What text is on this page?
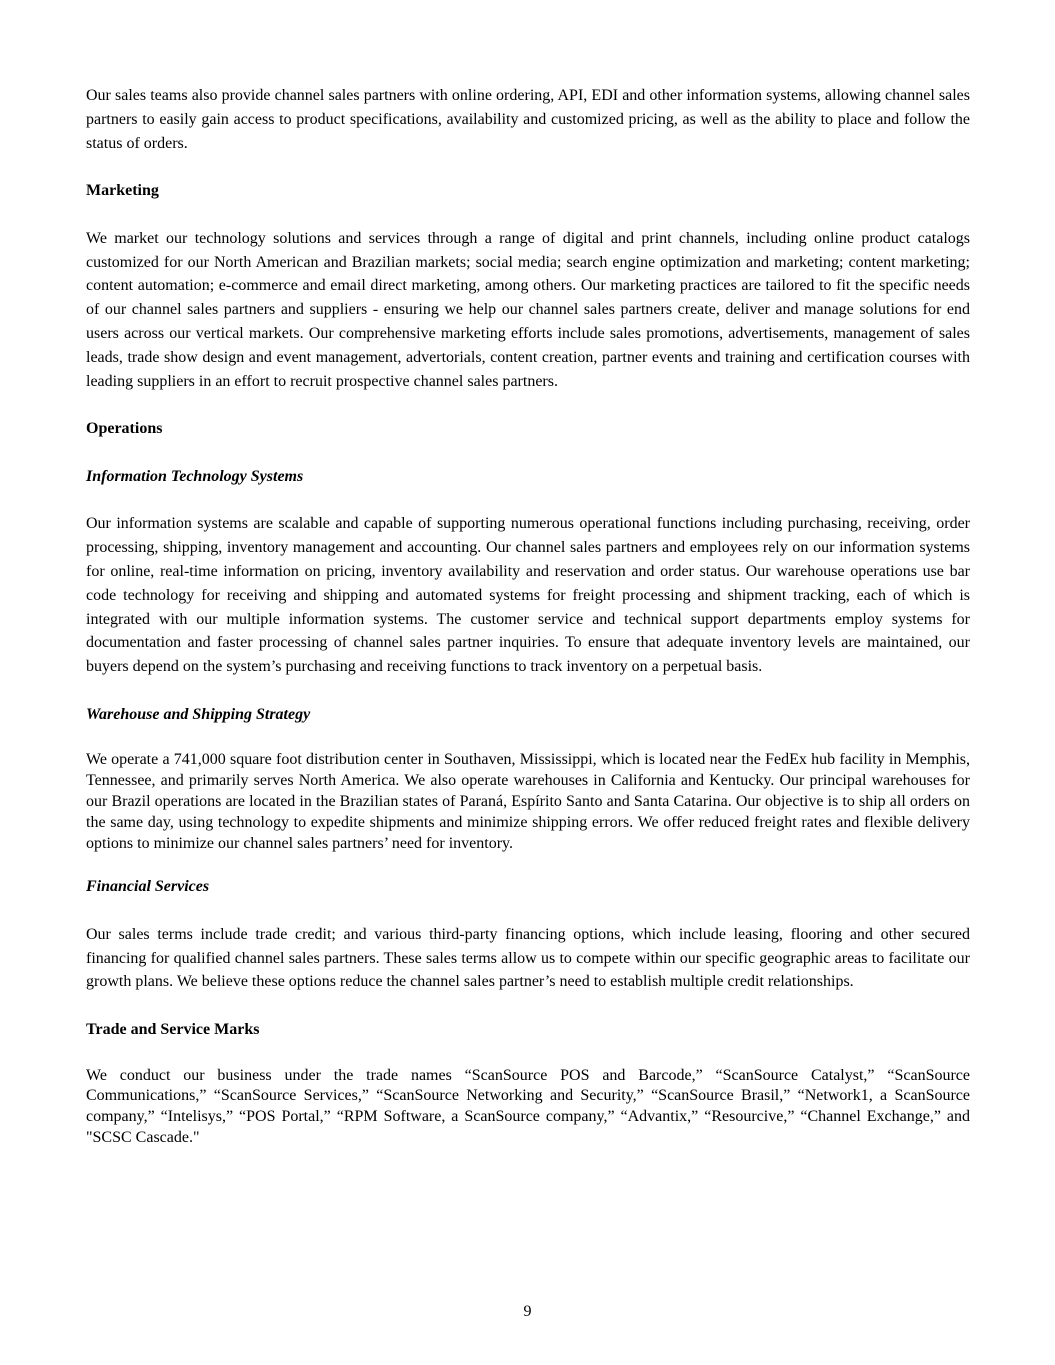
Our sales teams also provide channel sales partners with online ordering, API, EDI and other information systems, allowing channel sales partners to easily gain access to product specifications, availability and customized pricing, as well as the ability to place and follow the status of orders.

Marketing

We market our technology solutions and services through a range of digital and print channels, including online product catalogs customized for our North American and Brazilian markets; social media; search engine optimization and marketing; content marketing; content automation; e-commerce and email direct marketing, among others. Our marketing practices are tailored to fit the specific needs of our channel sales partners and suppliers - ensuring we help our channel sales partners create, deliver and manage solutions for end users across our vertical markets. Our comprehensive marketing efforts include sales promotions, advertisements, management of sales leads, trade show design and event management, advertorials, content creation, partner events and training and certification courses with leading suppliers in an effort to recruit prospective channel sales partners.

Operations
Information Technology Systems

Our information systems are scalable and capable of supporting numerous operational functions including purchasing, receiving, order processing, shipping, inventory management and accounting. Our channel sales partners and employees rely on our information systems for online, real-time information on pricing, inventory availability and reservation and order status. Our warehouse operations use bar code technology for receiving and shipping and automated systems for freight processing and shipment tracking, each of which is integrated with our multiple information systems. The customer service and technical support departments employ systems for documentation and faster processing of channel sales partner inquiries. To ensure that adequate inventory levels are maintained, our buyers depend on the system’s purchasing and receiving functions to track inventory on a perpetual basis.

Warehouse and Shipping Strategy

We operate a 741,000 square foot distribution center in Southaven, Mississippi, which is located near the FedEx hub facility in Memphis, Tennessee, and primarily serves North America. We also operate warehouses in California and Kentucky. Our principal warehouses for our Brazil operations are located in the Brazilian states of Paraná, Espírito Santo and Santa Catarina. Our objective is to ship all orders on the same day, using technology to expedite shipments and minimize shipping errors. We offer reduced freight rates and flexible delivery options to minimize our channel sales partners’ need for inventory.

Financial Services

Our sales terms include trade credit; and various third-party financing options, which include leasing, flooring and other secured financing for qualified channel sales partners. These sales terms allow us to compete within our specific geographic areas to facilitate our growth plans. We believe these options reduce the channel sales partner’s need to establish multiple credit relationships.

Trade and Service Marks

We conduct our business under the trade names “ScanSource POS and Barcode,” “ScanSource Catalyst,” “ScanSource Communications,” “ScanSource Services,” “ScanSource Networking and Security,” “ScanSource Brasil,” “Network1, a ScanSource company,” “Intelisys,” “POS Portal,” “RPM Software, a ScanSource company,” “Advantix,” “Resourcive,” “Channel Exchange,” and "SCSC Cascade."

9
